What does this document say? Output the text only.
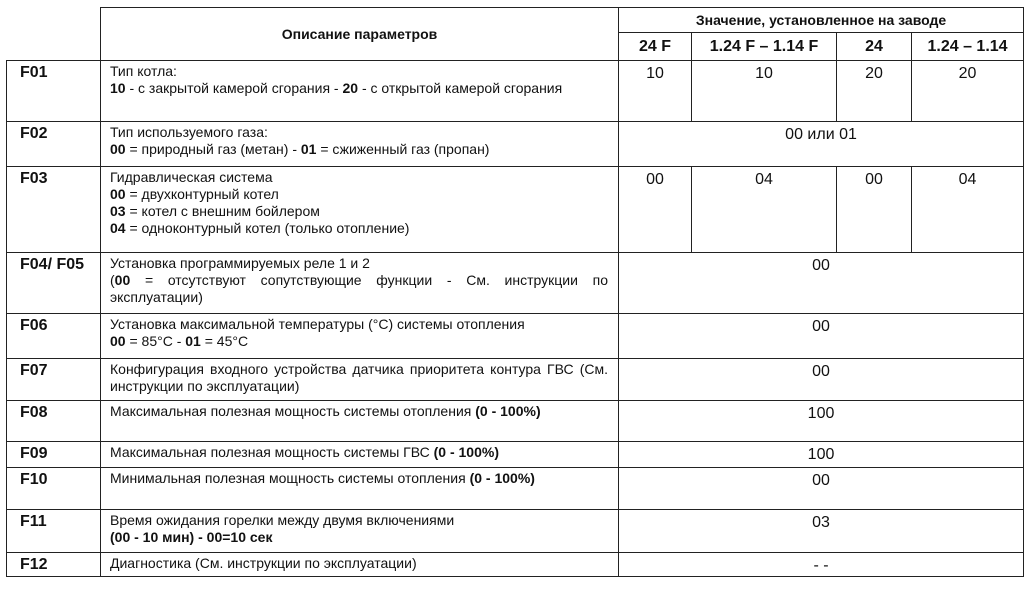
	Описание параметров	Значение, установленное на заводе			
		24 F	1.24 F – 1.14 F	24	1.24 – 1.14
F01	Тип котла:
10 - с закрытой камерой сгорания - 20 - с открытой камерой сгорания	10	10	20	20
F02	Тип используемого газа:
00 = природный газ (метан) - 01 = сжиженный газ (пропан)	00 или 01			
F03	Гидравлическая система
00 = двухконтурный котел
03 = котел с внешним бойлером
04 = одноконтурный котел (только отопление)	00	04	00	04
F04/ F05	Установка программируемых реле 1 и 2
(00 = отсутствуют сопутствующие функции - См. инструкции по эксплуатации)	00			
F06	Установка максимальной температуры (°C) системы отопления
00 = 85°C - 01 = 45°C	00			
F07	Конфигурация входного устройства датчика приоритета контура ГВС (См. инструкции по эксплуатации)	00			
F08	Максимальная полезная мощность системы отопления (0 - 100%)	100			
F09	Максимальная полезная мощность системы ГВС (0 - 100%)	100			
F10	Минимальная полезная мощность системы отопления (0 - 100%)	00			
F11	Время ожидания горелки между двумя включениями
(00 - 10 мин) - 00=10 сек	03			
F12	Диагностика (См. инструкции по эксплуатации)	- -			
